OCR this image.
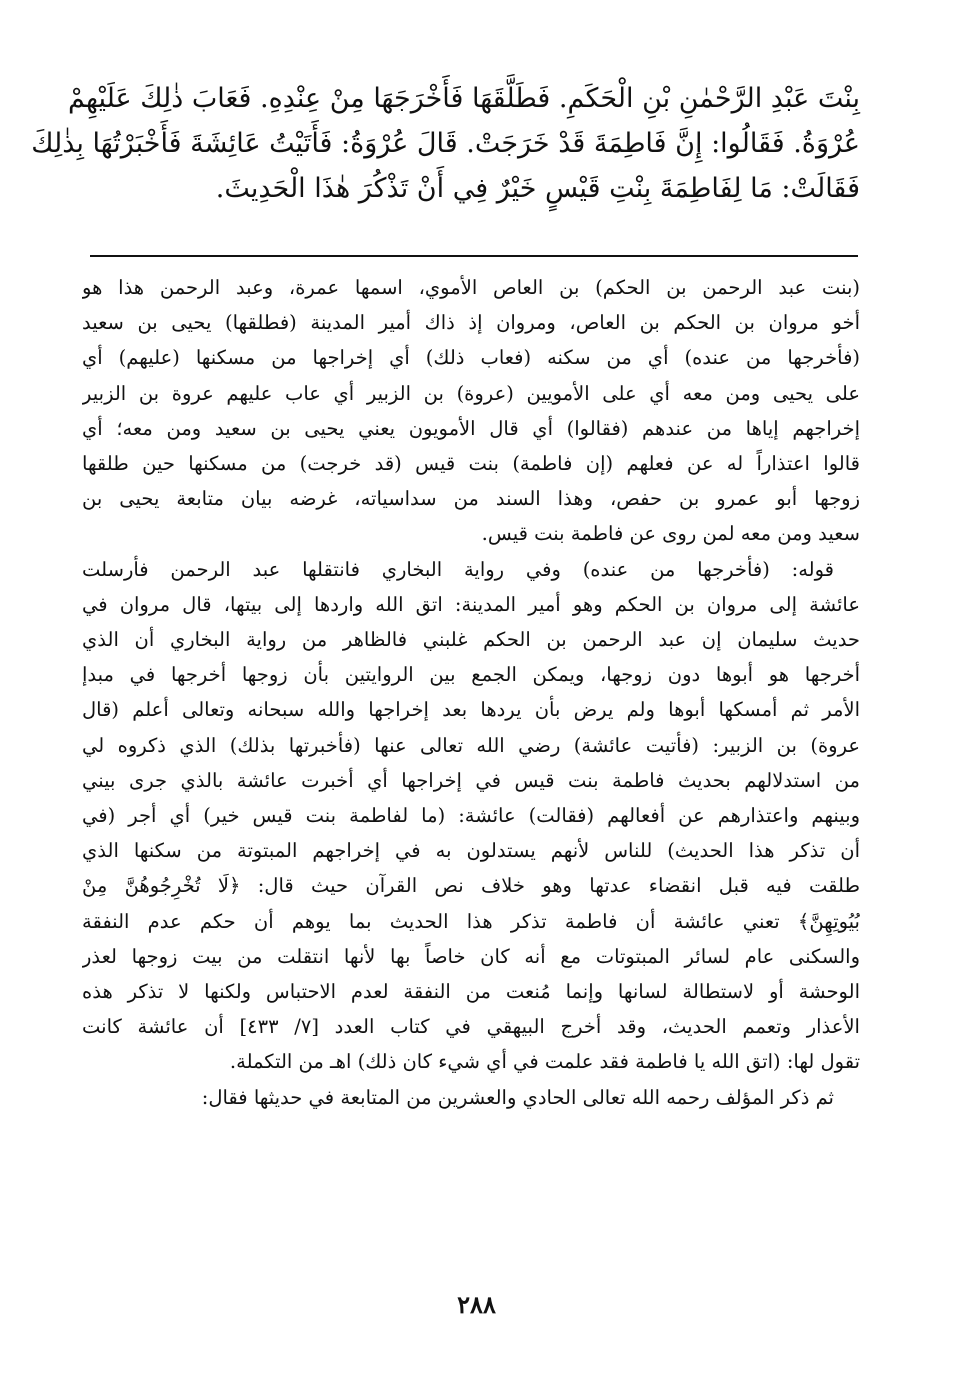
بِنْتَ عَبْدِ الرَّحْمٰنِ بْنِ الْحَكَمِ. فَطَلَّقَهَا فَأَخْرَجَهَا مِنْ عِنْدِهِ. فَعَابَ ذٰلِكَ عَلَيْهِمْ
عُرْوَةُ. فَقَالُوا: إِنَّ فَاطِمَةَ قَدْ خَرَجَتْ. قَالَ عُرْوَةُ: فَأَتَيْتُ عَائِشَةَ فَأَخْبَرْتُهَا بِذٰلِكَ
فَقَالَتْ: مَا لِفَاطِمَةَ بِنْتِ قَيْسٍ خَيْرٌ فِي أَنْ تَذْكُرَ هٰذَا الْحَدِيثَ.
(بنت عبد الرحمن بن الحكم) بن العاص الأموي، اسمها عمرة، وعبد الرحمن هذا هو
أخو مروان بن الحكم بن العاص، ومروان إذ ذاك أمير المدينة (فطلقها) يحيى بن سعيد
(فأخرجها من عنده) أي من سكنه (فعاب ذلك) أي إخراجها من مسكنها (عليهم) أي
على يحيى ومن معه أي على الأمويين (عروة) بن الزبير أي عاب عليهم عروة بن الزبير
إخراجهم إياها من عندهم (فقالوا) أي قال الأمويون يعني يحيى بن سعيد ومن معه؛ أي
قالوا اعتذاراً له عن فعلهم (إن فاطمة) بنت قيس (قد خرجت) من مسكنها حين طلقها
زوجها أبو عمرو بن حفص، وهذا السند من سداسياته، غرضه بيان متابعة يحيى بن
سعيد ومن معه لمن روى عن فاطمة بنت قيس.
قوله: (فأخرجها من عنده) وفي رواية البخاري فانتقلها عبد الرحمن فأرسلت
عائشة إلى مروان بن الحكم وهو أمير المدينة: اتق الله واردها إلى بيتها، قال مروان في
حديث سليمان إن عبد الرحمن بن الحكم غلبني فالظاهر من رواية البخاري أن الذي
أخرجها هو أبوها دون زوجها، ويمكن الجمع بين الروايتين بأن زوجها أخرجها في مبدإ
الأمر ثم أمسكها أبوها ولم يرض بأن يردها بعد إخراجها والله سبحانه وتعالى أعلم (قال
عروة) بن الزبير: (فأتيت عائشة) رضي الله تعالى عنها (فأخبرتها بذلك) الذي ذكروه لي
من استدلالهم بحديث فاطمة بنت قيس في إخراجها أي أخبرت عائشة بالذي جرى بيني
وبينهم واعتذارهم عن أفعالهم (فقالت) عائشة: (ما لفاطمة بنت قيس خير) أي أجر (في
أن تذكر هذا الحديث) للناس لأنهم يستدلون به في إخراجهم المبتوتة من سكنها الذي
طلقت فيه قبل انقضاء عدتها وهو خلاف نص القرآن حيث قال: ﴿لَا تُخْرِجُوهُنَّ مِنْ
بُيُوتِهِنَّ﴾ تعني عائشة أن فاطمة تذكر هذا الحديث بما يوهم أن حكم عدم النفقة
والسكنى عام لسائر المبتوتات مع أنه كان خاصاً بها لأنها انتقلت من بيت زوجها لعذر
الوحشة أو لاستطالة لسانها وإنما مُنعت من النفقة لعدم الاحتباس ولكنها لا تذكر هذه
الأعذار وتعمم الحديث، وقد أخرج البيهقي في كتاب العدد [٧/ ٤٣٣] أن عائشة كانت
تقول لها: (اتق الله يا فاطمة فقد علمت في أي شيء كان ذلك) اهـ من التكملة.
ثم ذكر المؤلف رحمه الله تعالى الحادي والعشرين من المتابعة في حديثها فقال:
٢٨٨
